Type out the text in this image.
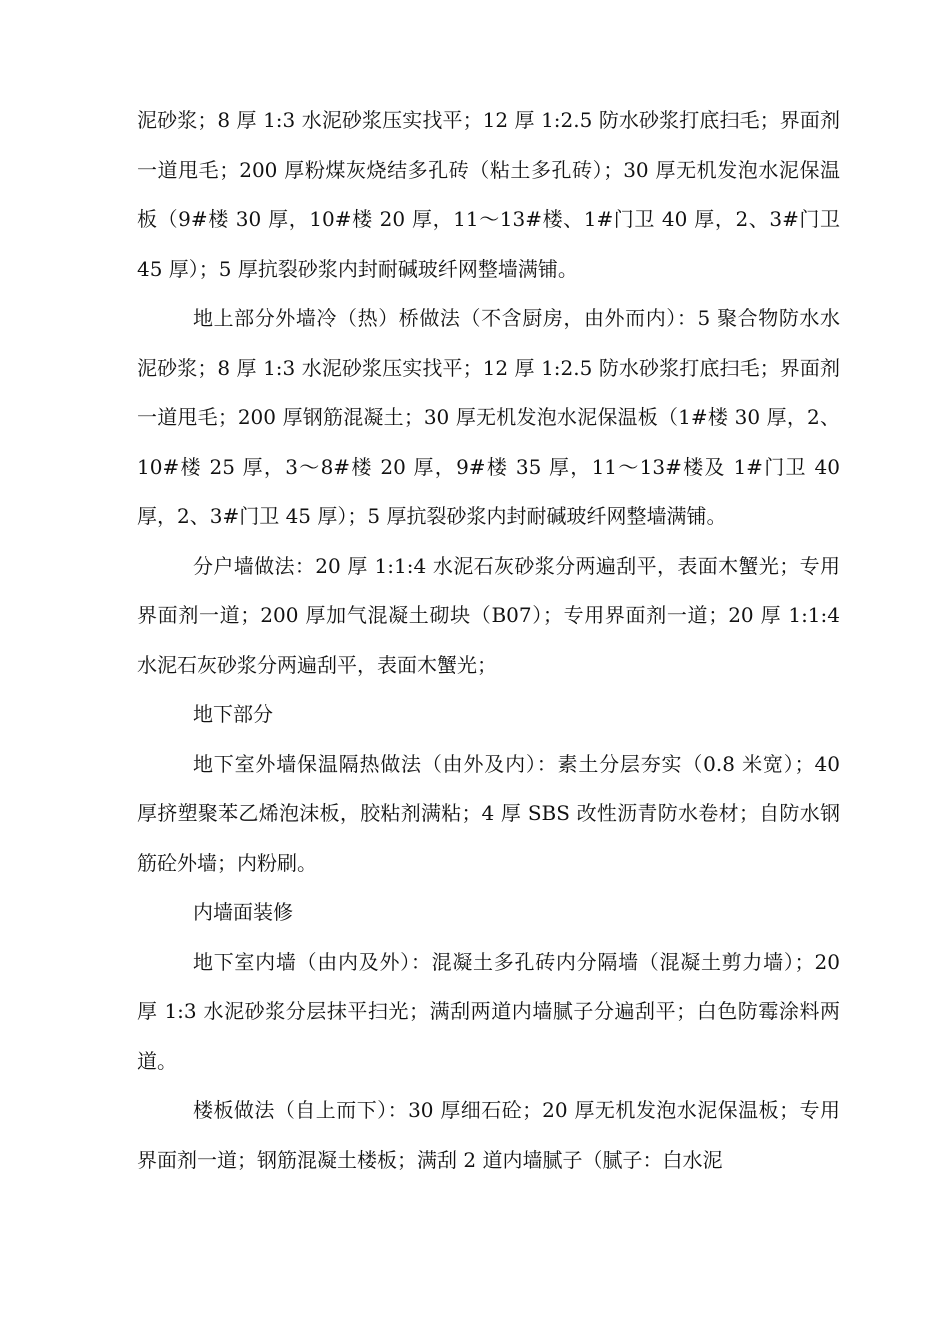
泥砂浆；8 厚 1:3 水泥砂浆压实找平；12 厚 1:2.5 防水砂浆打底扫毛；界面剂一道甩毛；200 厚粉煤灰烧结多孔砖（粘土多孔砖）；30 厚无机发泡水泥保温板（9#楼 30 厚，10#楼 20 厚，11～13#楼、1#门卫 40 厚，2、3#门卫 45 厚）；5 厚抗裂砂浆内封耐碱玻纤网整墙满铺。

地上部分外墙冷（热）桥做法（不含厨房，由外而内）：5 聚合物防水水泥砂浆；8 厚 1:3 水泥砂浆压实找平；12 厚 1:2.5 防水砂浆打底扫毛；界面剂一道甩毛；200 厚钢筋混凝土；30 厚无机发泡水泥保温板（1#楼 30 厚，2、10#楼 25 厚，3～8#楼 20 厚，9#楼 35 厚，11～13#楼及 1#门卫 40 厚，2、3#门卫 45 厚）；5 厚抗裂砂浆内封耐碱玻纤网整墙满铺。

分户墙做法：20 厚 1:1:4 水泥石灰砂浆分两遍刮平，表面木蟹光；专用界面剂一道；200 厚加气混凝土砌块（B07）；专用界面剂一道；20 厚 1:1:4 水泥石灰砂浆分两遍刮平，表面木蟹光；

地下部分

地下室外墙保温隔热做法（由外及内）：素土分层夯实（0.8 米宽）；40 厚挤塑聚苯乙烯泡沫板，胶粘剂满粘；4 厚 SBS 改性沥青防水卷材；自防水钢筋砼外墙；内粉刷。

内墙面装修

地下室内墙（由内及外）：混凝土多孔砖内分隔墙（混凝土剪力墙）；20 厚 1:3 水泥砂浆分层抹平扫光；满刮两道内墙腻子分遍刮平；白色防霉涂料两道。

楼板做法（自上而下）：30 厚细石砼；20 厚无机发泡水泥保温板；专用界面剂一道；钢筋混凝土楼板；满刮 2 道内墙腻子（腻子：白水泥
